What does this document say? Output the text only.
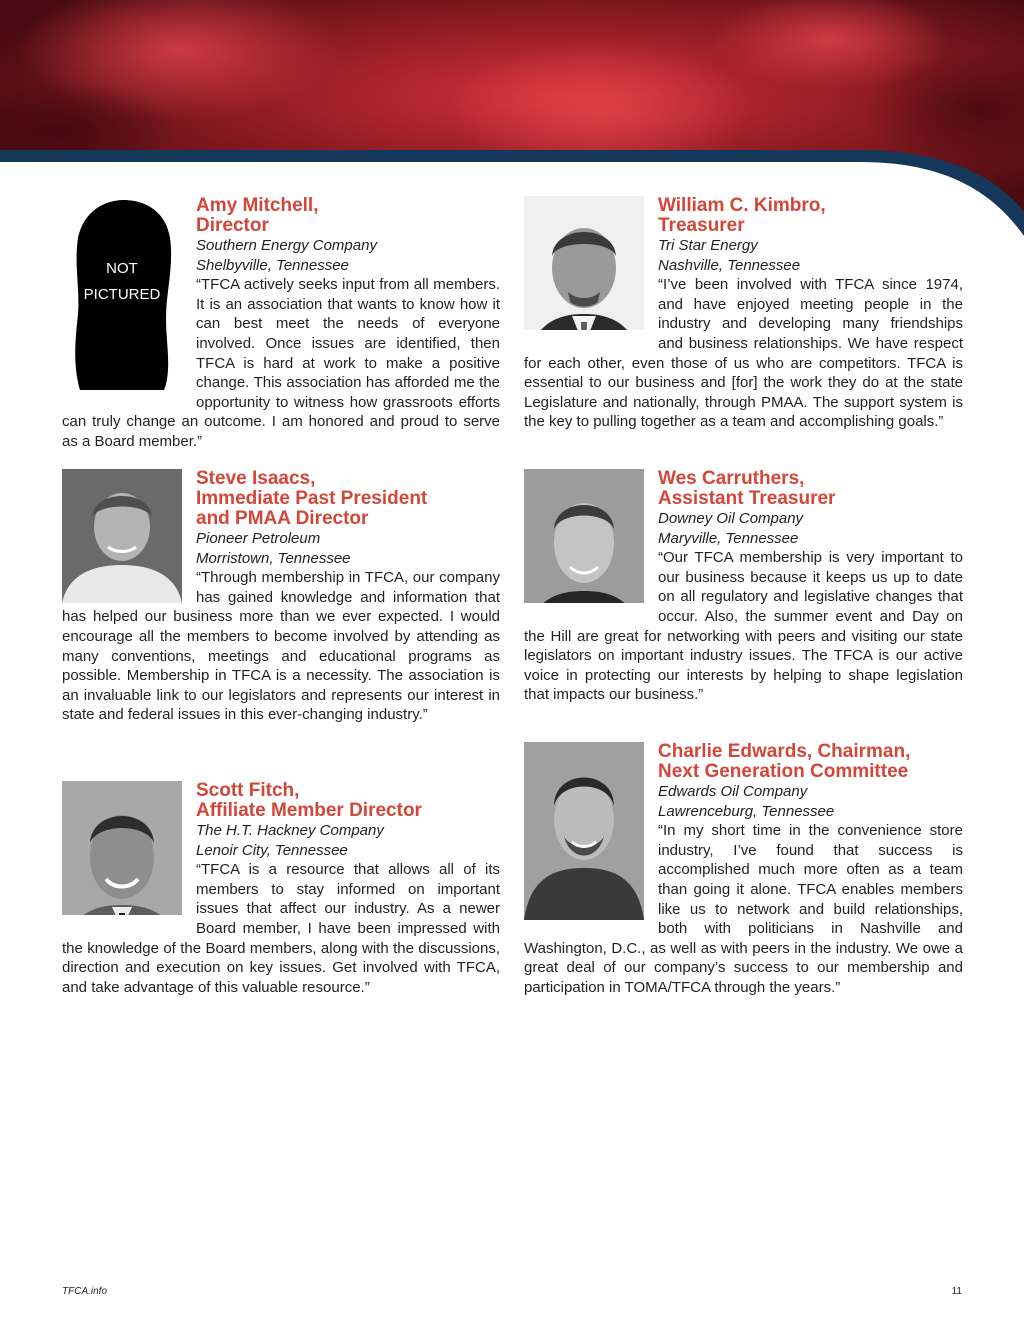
NOT
PICTURED
Amy Mitchell,
Director
Southern Energy Company
Shelbyville, Tennessee

“TFCA actively seeks input from all members. It is an association that wants to know how it can best meet the needs of everyone involved. Once issues are identified, then TFCA is hard at work to make a positive change. This association has afforded me the opportunity to witness how grassroots efforts can truly change an outcome. I am honored and proud to serve as a Board member.”

William C. Kimbro,
Treasurer
Tri Star Energy
Nashville, Tennessee

“I’ve been involved with TFCA since 1974, and have enjoyed meeting people in the industry and developing many friendships and business relationships. We have respect for each other, even those of us who are competitors. TFCA is essential to our business and [for] the work they do at the state Legislature and nationally, through PMAA. The support system is the key to pulling together as a team and accomplishing goals.”

Steve Isaacs,
Immediate Past President
and PMAA Director
Pioneer Petroleum
Morristown, Tennessee

“Through membership in TFCA, our company has gained knowledge and information that has helped our business more than we ever expected. I would encourage all the members to become involved by attending as many conventions, meetings and educational programs as possible. Membership in TFCA is a necessity. The association is an invaluable link to our legislators and represents our interest in state and federal issues in this ever-changing industry.”

Wes Carruthers,
Assistant Treasurer
Downey Oil Company
Maryville, Tennessee

“Our TFCA membership is very important to our business because it keeps us up to date on all regulatory and legislative changes that occur. Also, the summer event and Day on the Hill are great for networking with peers and visiting our state legislators on important industry issues. The TFCA is our active voice in protecting our interests by helping to shape legislation that impacts our business.”

Scott Fitch,
Affiliate Member Director
The H.T. Hackney Company
Lenoir City, Tennessee

“TFCA is a resource that allows all of its members to stay informed on important issues that affect our industry. As a newer Board member, I have been impressed with the knowledge of the Board members, along with the discussions, direction and execution on key issues. Get involved with TFCA, and take advantage of this valuable resource.”

Charlie Edwards, Chairman,
Next Generation Committee
Edwards Oil Company
Lawrenceburg, Tennessee

“In my short time in the convenience store industry, I’ve found that success is accomplished much more often as a team than going it alone. TFCA enables members like us to network and build relationships, both with politicians in Nashville and Washington, D.C., as well as with peers in the industry. We owe a great deal of our company’s success to our membership and participation in TOMA/TFCA through the years.”

TFCA.info	11
